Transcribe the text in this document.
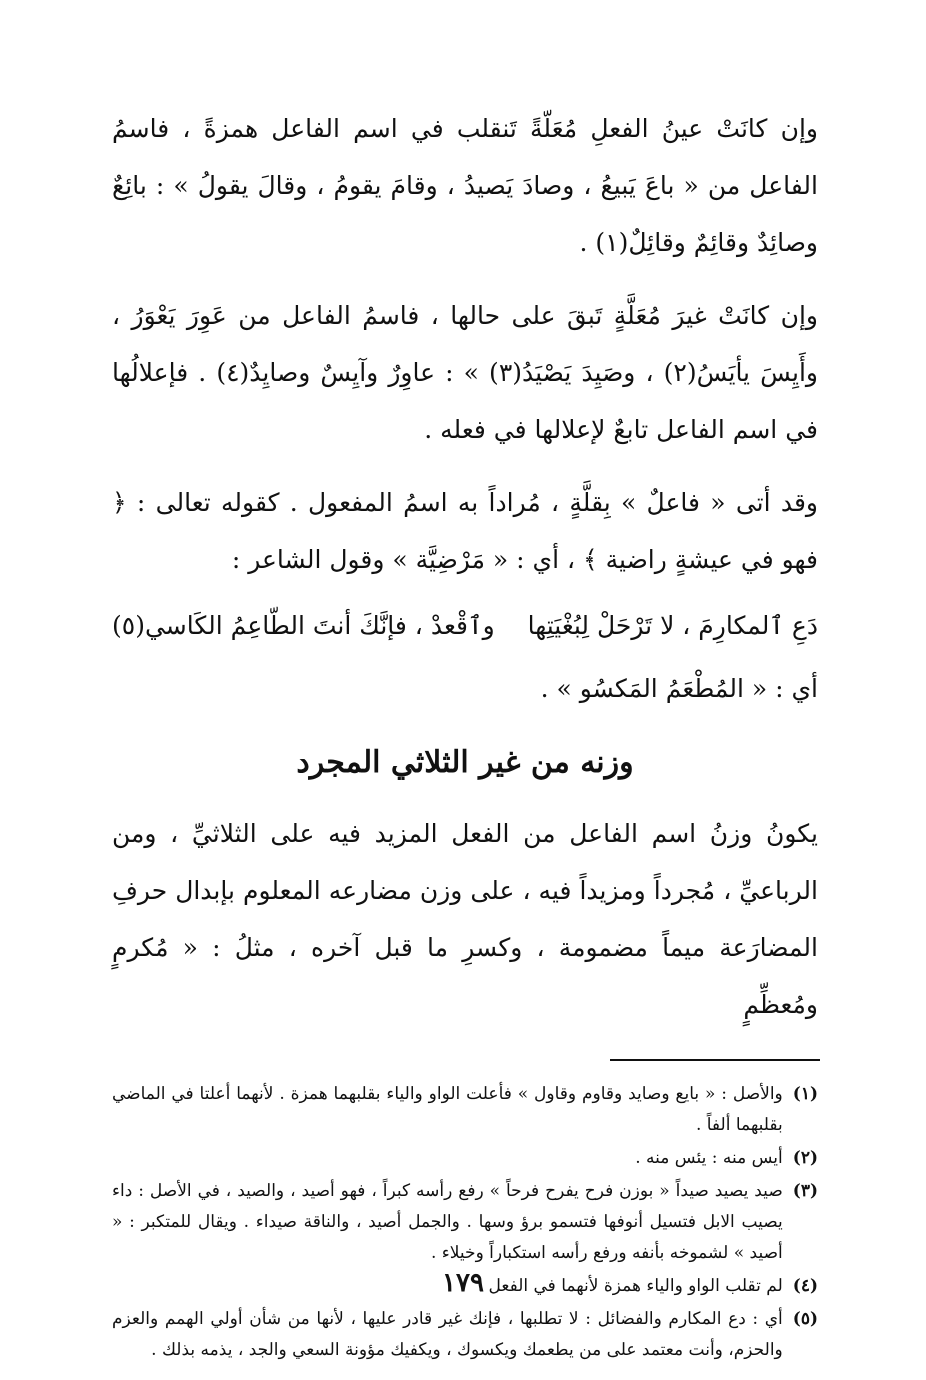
وإن كانَتْ عينُ الفعلِ مُعَلّةً تَنقلب في اسم الفاعل همزةً ، فاسمُ الفاعل من « باعَ يَبيعُ ، وصادَ يَصيدُ ، وقامَ يقومُ ، وقالَ يقولُ » : بائِعٌ وصائِدٌ وقائِمٌ وقائِلٌ(١) .

وإن كانَتْ غيرَ مُعَلَّةٍ تَبقَ على حالها ، فاسمُ الفاعل من عَوِرَ يَعْوَرُ ، وأَيِسَ يأيَسُ(٢) ، وصَيِدَ يَصْيَدُ(٣) » : عاوِرٌ وآيِسٌ وصايِدٌ(٤) . فإعلالُها في اسم الفاعل تابعٌ لإعلالها في فعله .

وقد أتى « فاعلٌ » بِقلَّةٍ ، مُراداً به اسمُ المفعول . كقوله تعالى : ﴿ فهو في عيشةٍ راضية ﴾ ، أي : « مَرْضِيَّة » وقول الشاعر :

دَعِ ٱلمكارِمَ ، لا تَرْحَلْ لِبُغْيَتِها
وٱقْعدْ ، فإنَّكَ أنتَ الطّاعِمُ الكَاسي(٥)

أي : « المُطْعَمُ المَكسُو » .

وزنه من غير الثلاثي المجرد

يكونُ وزنُ اسم الفاعل من الفعل المزيد فيه على الثلاثيِّ ، ومن الرباعيِّ ، مُجرداً ومزيداً فيه ، على وزن مضارعه المعلوم بإبدال حرفِ المضارَعة ميماً مضمومة ، وكسرِ ما قبل آخره ، مثلُ : « مُكرمٍ ومُعظِّمٍ

(١)
والأصل : « بايع وصايد وقاوم وقاول » فأعلت الواو والياء بقلبهما همزة . لأنهما أعلتا في الماضي بقلبهما ألفاً .
(٢)
أيس منه : يئس منه .
(٣)
صيد يصيد صيداً « بوزن فرح يفرح فرحاً » رفع رأسه كبراً ، فهو أصيد ، والصيد ، في الأصل : داء يصيب الابل فتسيل أنوفها فتسمو برؤ وسها . والجمل أصيد ، والناقة صيداء . ويقال للمتكبر : « أصيد » لشموخه بأنفه ورفع رأسه استكباراً وخيلاء .
(٤)
لم تقلب الواو والياء همزة لأنهما في الفعل .
(٥)
أي : دع المكارم والفضائل : لا تطلبها ، فإنك غير قادر عليها ، لأنها من شأن أولي الهمم والعزم والحزم، وأنت معتمد على من يطعمك ويكسوك ، ويكفيك مؤونة السعي والجد ، يذمه بذلك .
١٧٩
